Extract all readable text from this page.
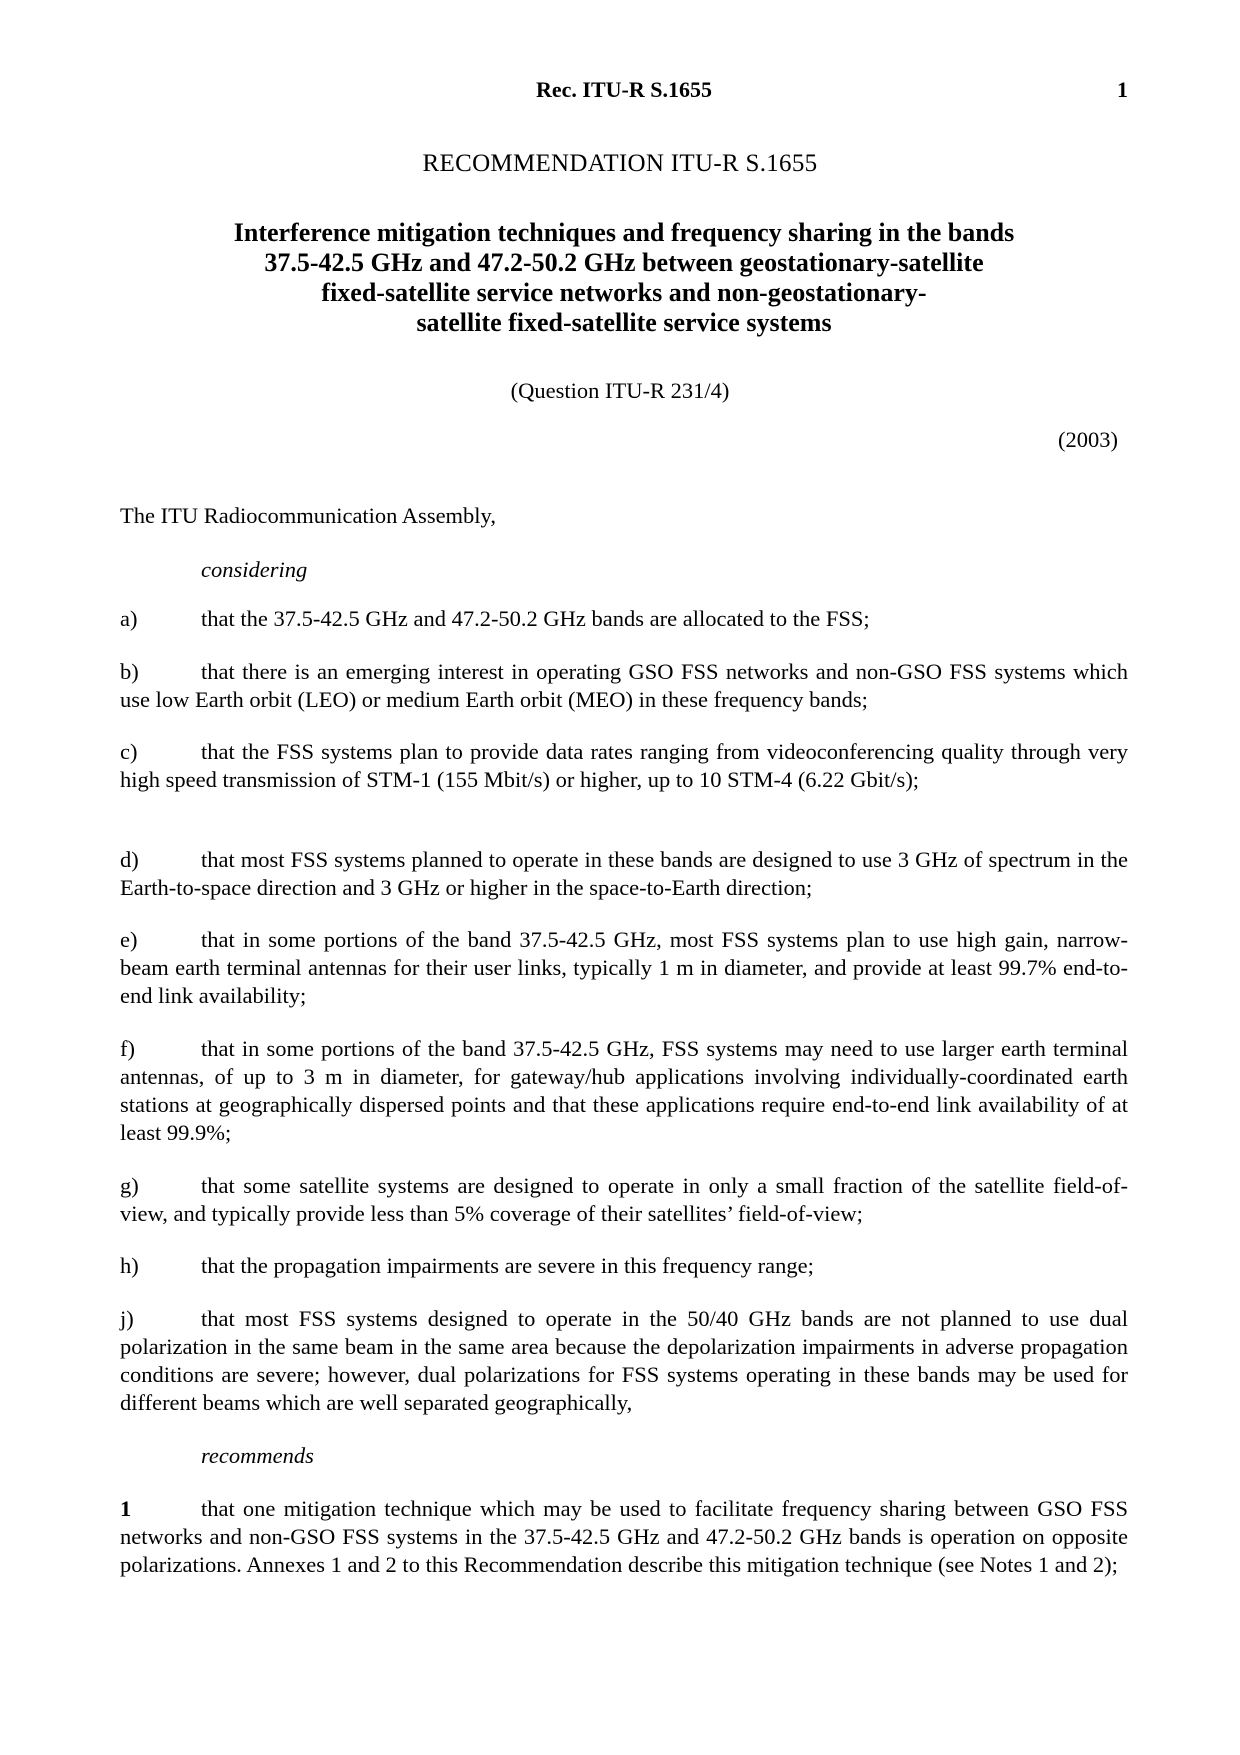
Rec. ITU-R S.1655	1
RECOMMENDATION ITU-R S.1655
Interference mitigation techniques and frequency sharing in the bands
37.5-42.5 GHz and 47.2-50.2 GHz between geostationary-satellite
fixed-satellite service networks and non-geostationary-
satellite fixed-satellite service systems
(Question ITU-R 231/4)
(2003)
The ITU Radiocommunication Assembly,
considering
a)	that the 37.5-42.5 GHz and 47.2-50.2 GHz bands are allocated to the FSS;
b)	that there is an emerging interest in operating GSO FSS networks and non-GSO FSS systems which use low Earth orbit (LEO) or medium Earth orbit (MEO) in these frequency bands;
c)	that the FSS systems plan to provide data rates ranging from videoconferencing quality through very high speed transmission of STM-1 (155 Mbit/s) or higher, up to 10 STM-4 (6.22 Gbit/s);
d)	that most FSS systems planned to operate in these bands are designed to use 3 GHz of spectrum in the Earth-to-space direction and 3 GHz or higher in the space-to-Earth direction;
e)	that in some portions of the band 37.5-42.5 GHz, most FSS systems plan to use high gain, narrow-beam earth terminal antennas for their user links, typically 1 m in diameter, and provide at least 99.7% end-to-end link availability;
f)	that in some portions of the band 37.5-42.5 GHz, FSS systems may need to use larger earth terminal antennas, of up to 3 m in diameter, for gateway/hub applications involving individually-coordinated earth stations at geographically dispersed points and that these applications require end-to-end link availability of at least 99.9%;
g)	that some satellite systems are designed to operate in only a small fraction of the satellite field-of-view, and typically provide less than 5% coverage of their satellites’ field-of-view;
h)	that the propagation impairments are severe in this frequency range;
j)	that most FSS systems designed to operate in the 50/40 GHz bands are not planned to use dual polarization in the same beam in the same area because the depolarization impairments in adverse propagation conditions are severe; however, dual polarizations for FSS systems operating in these bands may be used for different beams which are well separated geographically,
recommends
1	that one mitigation technique which may be used to facilitate frequency sharing between GSO FSS networks and non-GSO FSS systems in the 37.5-42.5 GHz and 47.2-50.2 GHz bands is operation on opposite polarizations. Annexes 1 and 2 to this Recommendation describe this mitigation technique (see Notes 1 and 2);
